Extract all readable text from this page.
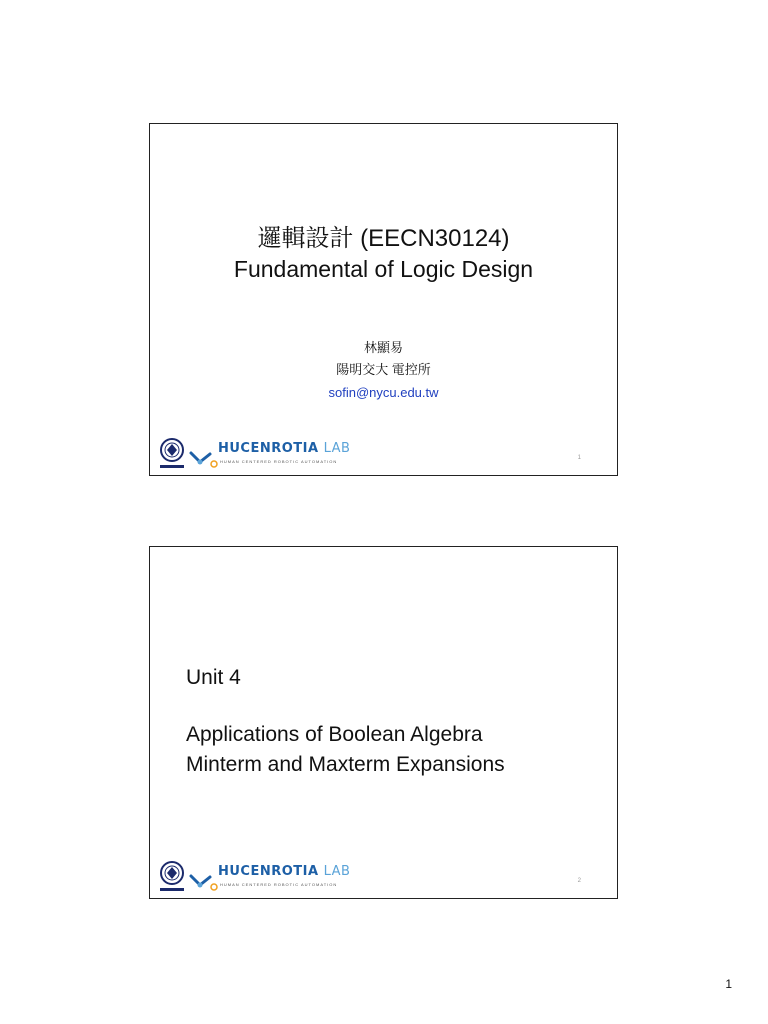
邏輯設計 (EECN30124)
Fundamental of Logic Design
林顯易
陽明交大 電控所
sofin@nycu.edu.tw
HUCENROTIA LAB
HUMAN CENTERED ROBOTIC AUTOMATION
1
Unit 4
Applications of Boolean Algebra
Minterm and Maxterm Expansions
HUCENROTIA LAB
HUMAN CENTERED ROBOTIC AUTOMATION
2
1
